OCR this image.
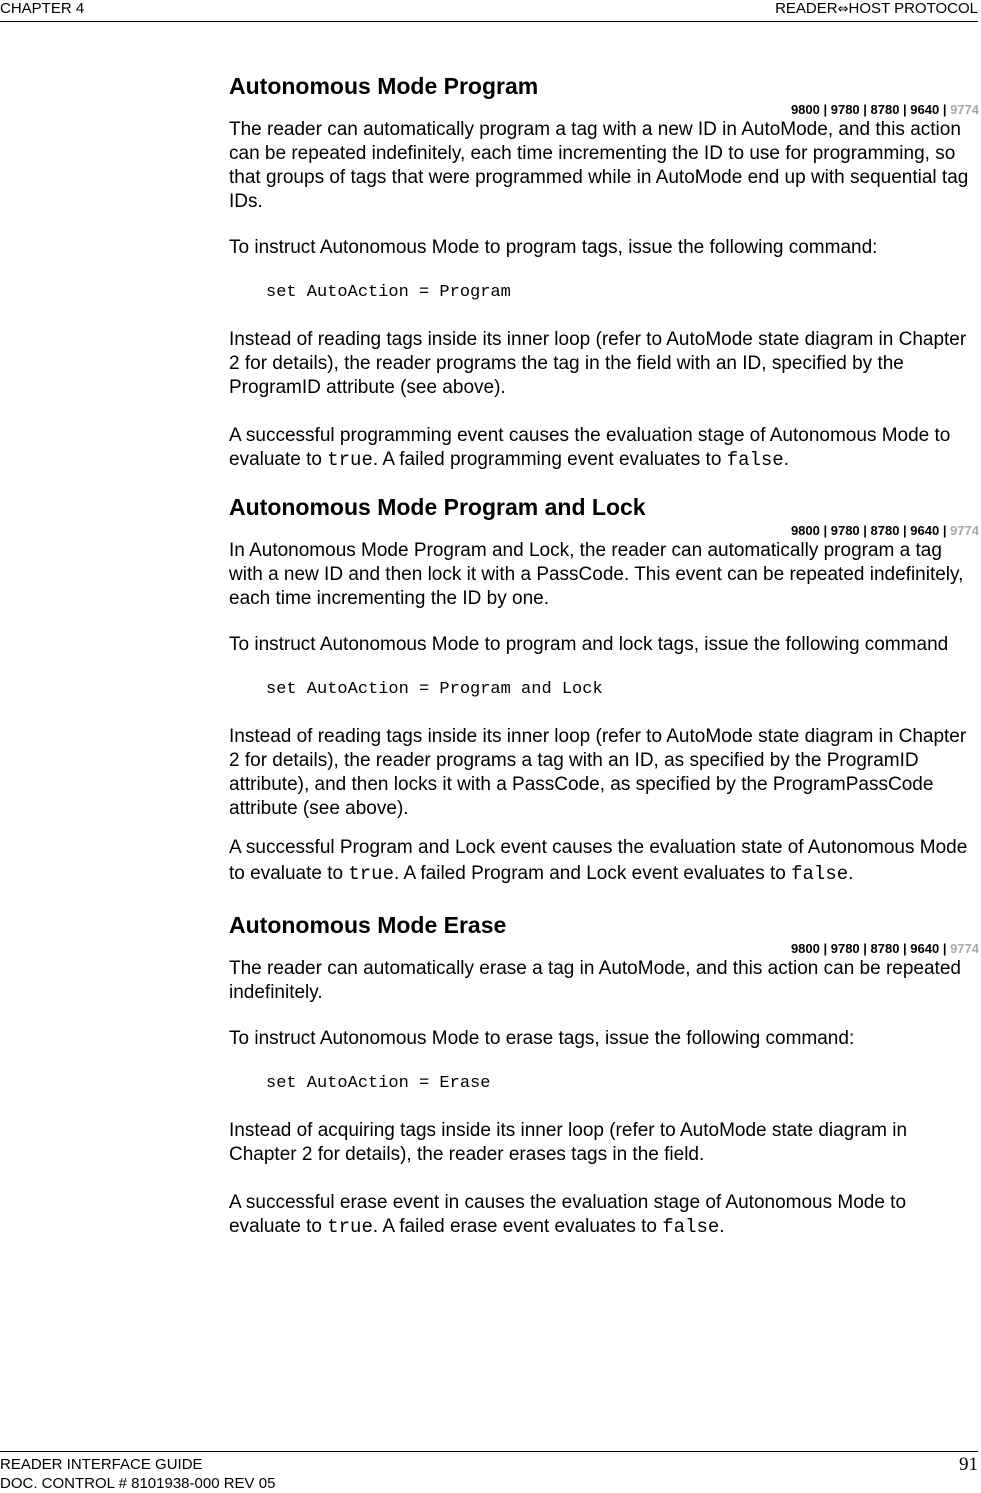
CHAPTER 4	READER⇔HOST PROTOCOL
Autonomous Mode Program
9800 | 9780 | 8780 | 9640 | 9774

The reader can automatically program a tag with a new ID in AutoMode, and this action can be repeated indefinitely, each time incrementing the ID to use for programming, so that groups of tags that were programmed while in AutoMode end up with sequential tag IDs.

To instruct Autonomous Mode to program tags, issue the following command:

set AutoAction = Program

Instead of reading tags inside its inner loop (refer to AutoMode state diagram in Chapter 2 for details), the reader programs the tag in the field with an ID, specified by the ProgramID attribute (see above).

A successful programming event causes the evaluation stage of Autonomous Mode to evaluate to true. A failed programming event evaluates to false.

Autonomous Mode Program and Lock
9800 | 9780 | 8780 | 9640 | 9774

In Autonomous Mode Program and Lock, the reader can automatically program a tag with a new ID and then lock it with a PassCode. This event can be repeated indefinitely, each time incrementing the ID by one.

To instruct Autonomous Mode to program and lock tags, issue the following command

set AutoAction = Program and Lock

Instead of reading tags inside its inner loop (refer to AutoMode state diagram in Chapter 2 for details), the reader programs a tag with an ID, as specified by the ProgramID attribute), and then locks it with a PassCode, as specified by the ProgramPassCode attribute (see above).

A successful Program and Lock event causes the evaluation state of Autonomous Mode to evaluate to true. A failed Program and Lock event evaluates to false.

Autonomous Mode Erase
9800 | 9780 | 8780 | 9640 | 9774

The reader can automatically erase a tag in AutoMode, and this action can be repeated indefinitely.

To instruct Autonomous Mode to erase tags, issue the following command:

set AutoAction = Erase

Instead of acquiring tags inside its inner loop (refer to AutoMode state diagram in Chapter 2 for details), the reader erases tags in the field.

A successful erase event in causes the evaluation stage of Autonomous Mode to evaluate to true. A failed erase event evaluates to false.

READER INTERFACE GUIDE
DOC. CONTROL # 8101938-000 REV 05
91
